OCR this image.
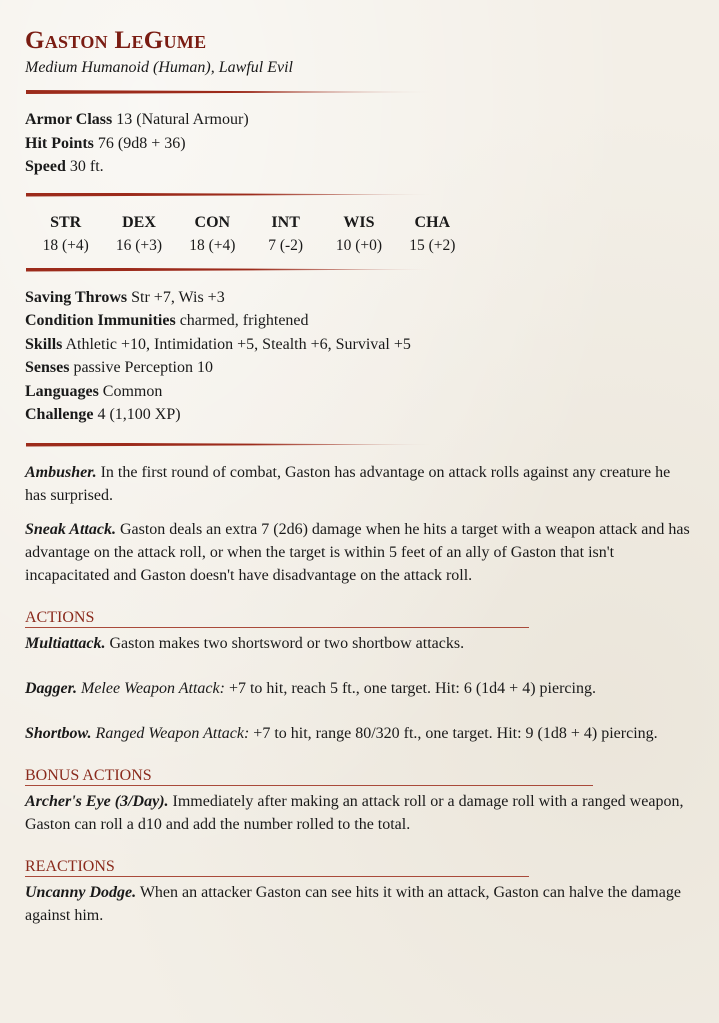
Gaston LeGume
Medium Humanoid (Human), Lawful Evil
Armor Class 13 (Natural Armour)
Hit Points 76 (9d8 + 36)
Speed 30 ft.
STR
18 (+4)
DEX
16 (+3)
CON
18 (+4)
INT
7 (-2)
WIS
10 (+0)
CHA
15 (+2)
Saving Throws Str +7, Wis +3
Condition Immunities charmed, frightened
Skills Athletic +10, Intimidation +5, Stealth +6, Survival +5
Senses passive Perception 10
Languages Common
Challenge 4 (1,100 XP)

Ambusher. In the first round of combat, Gaston has advantage on attack rolls against any creature he has surprised.

Sneak Attack. Gaston deals an extra 7 (2d6) damage when he hits a target with a weapon attack and has advantage on the attack roll, or when the target is within 5 feet of an ally of Gaston that isn't incapacitated and Gaston doesn't have disadvantage on the attack roll.

ACTIONS

Multiattack. Gaston makes two shortsword or two shortbow attacks.

Dagger. Melee Weapon Attack: +7 to hit, reach 5 ft., one target. Hit: 6 (1d4 + 4) piercing.

Shortbow. Ranged Weapon Attack: +7 to hit, range 80/320 ft., one target. Hit: 9 (1d8 + 4) piercing.

BONUS ACTIONS

Archer's Eye (3/Day). Immediately after making an attack roll or a damage roll with a ranged weapon, Gaston can roll a d10 and add the number rolled to the total.

REACTIONS

Uncanny Dodge. When an attacker Gaston can see hits it with an attack, Gaston can halve the damage against him.
